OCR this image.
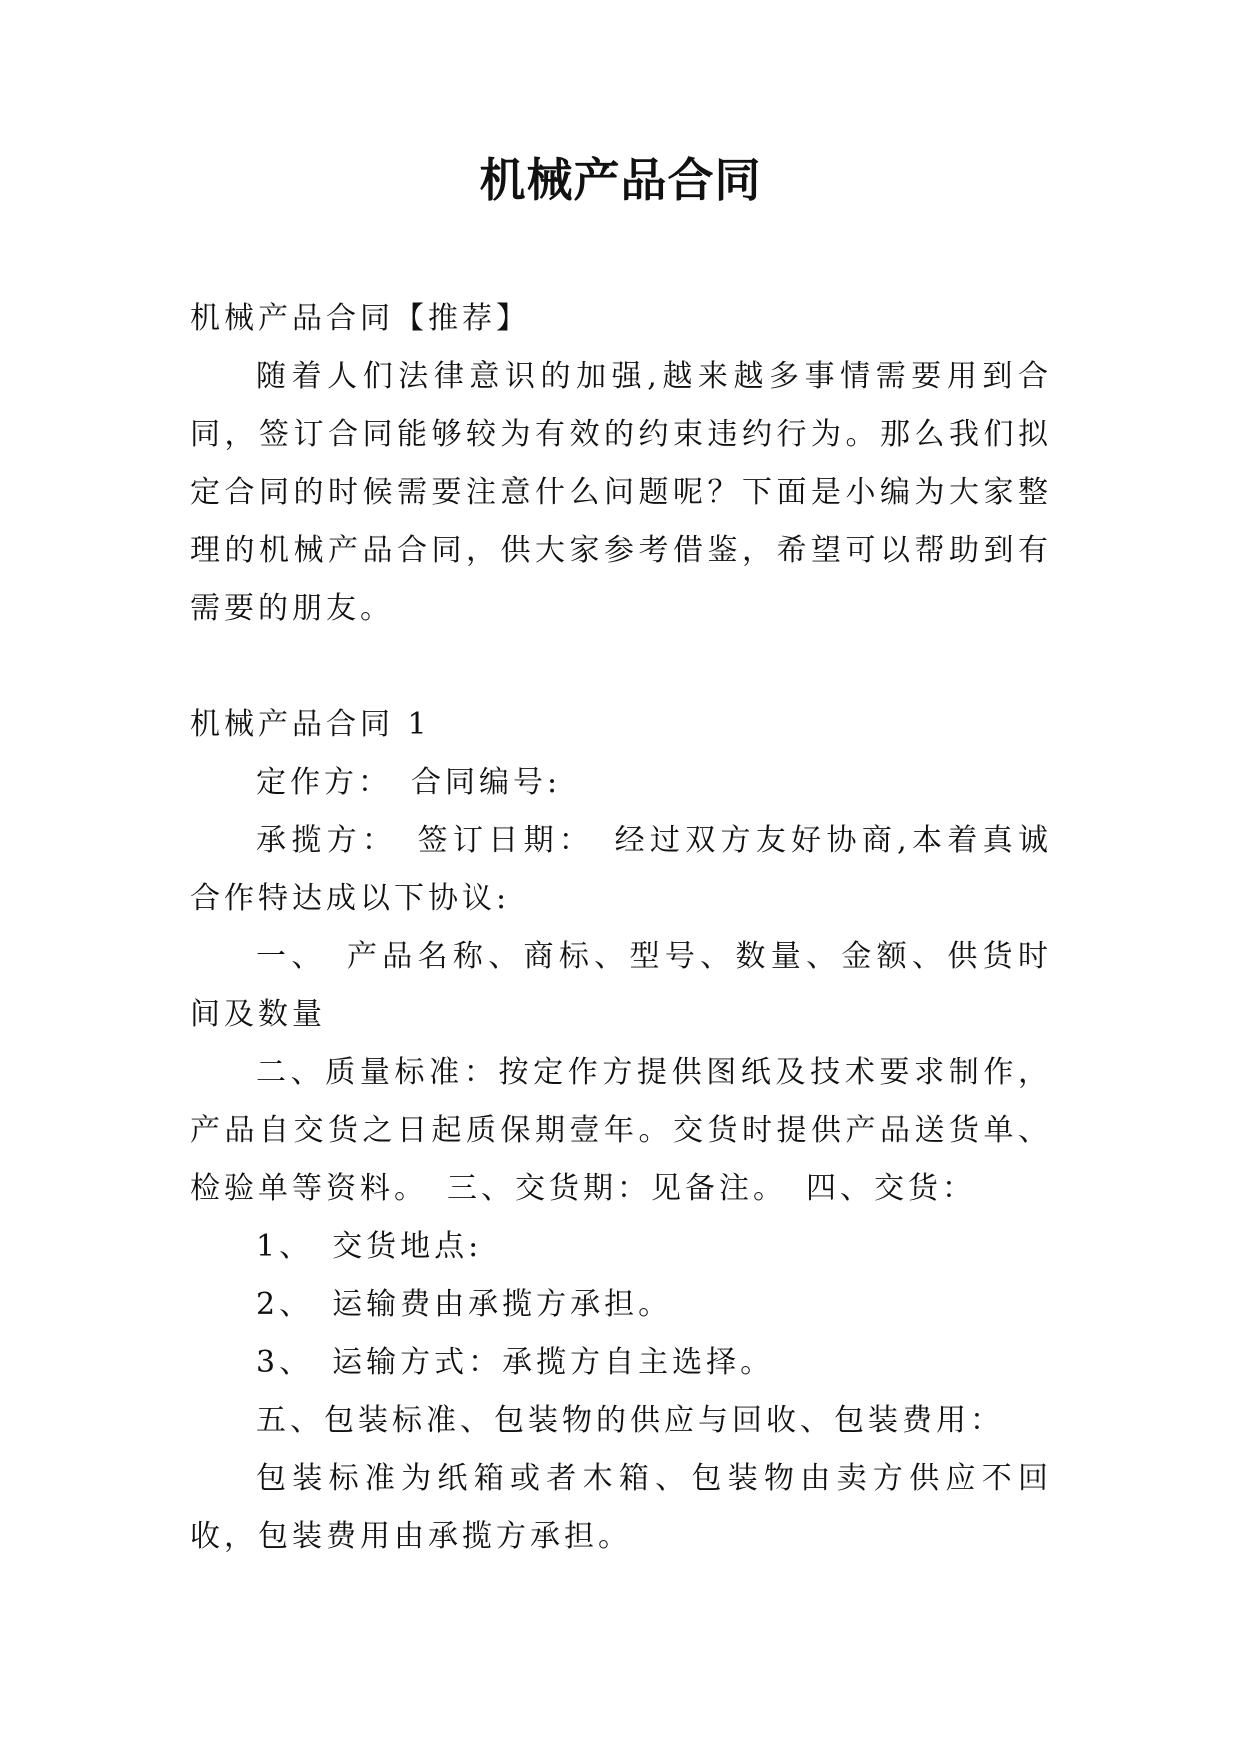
机械产品合同

机械产品合同【推荐】

随着人们法律意识的加强,越来越多事情需要用到合同，签订合同能够较为有效的约束违约行为。那么我们拟定合同的时候需要注意什么问题呢？下面是小编为大家整理的机械产品合同，供大家参考借鉴，希望可以帮助到有需要的朋友。

机械产品合同 1

定作方：　合同编号:

承揽方：　签订日期：　经过双方友好协商,本着真诚合作特达成以下协议:

一、　产品名称、商标、型号、数量、金额、供货时间及数量

二、质量标准：按定作方提供图纸及技术要求制作，产品自交货之日起质保期壹年。交货时提供产品送货单、检验单等资料。　三、交货期：见备注。　四、交货：

1、　交货地点:

2、　运输费由承揽方承担。

3、　运输方式：承揽方自主选择。

五、包装标准、包装物的供应与回收、包装费用：

包装标准为纸箱或者木箱、包装物由卖方供应不回收，包装费用由承揽方承担。
